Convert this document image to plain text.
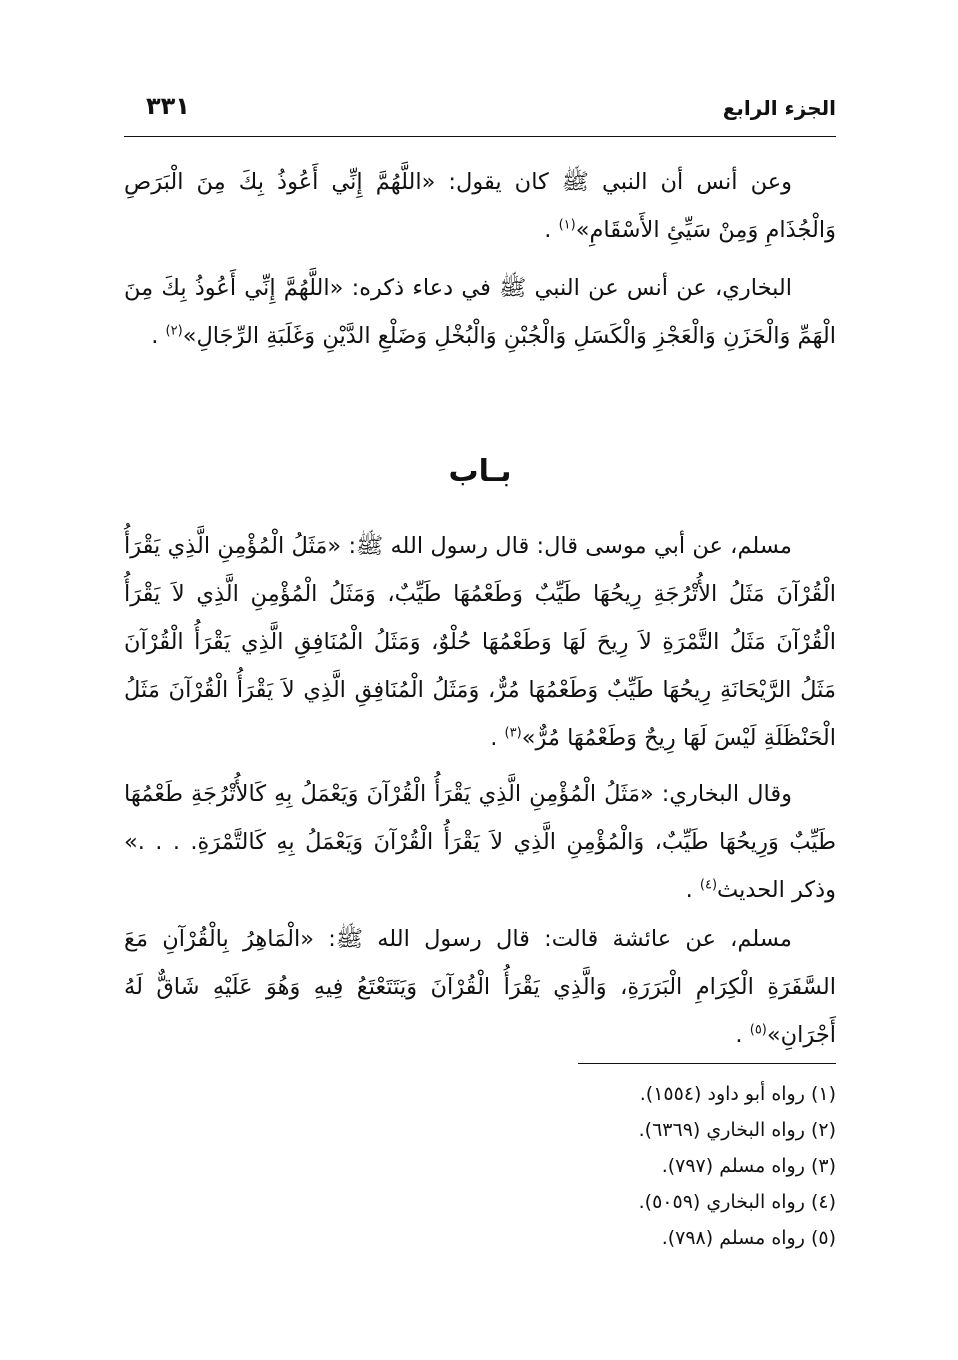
الجزء الرابع
٣٣١

وعن أنس أن النبي ﷺ كان يقول: «اللَّهُمَّ إِنِّي أَعُوذُ بِكَ مِنَ الْبَرَصِ وَالْجُذَامِ وَمِنْ سَيِّئِ الأَسْقَامِ»$^{(١)}$ .

البخاري، عن أنس عن النبي ﷺ في دعاء ذكره: «اللَّهُمَّ إِنِّي أَعُوذُ بِكَ مِنَ الْهَمِّ وَالْحَزَنِ وَالْعَجْزِ وَالْكَسَلِ وَالْجُبْنِ وَالْبُخْلِ وَضَلْعِ الدَّيْنِ وَغَلَبَةِ الرِّجَالِ»$^{(٢)}$ .

بـاب

مسلم، عن أبي موسى قال: قال رسول الله ﷺ: «مَثَلُ الْمُؤْمِنِ الَّذِي يَقْرَأُ الْقُرْآنَ مَثَلُ الأُتْرُجَةِ رِيحُهَا طَيِّبٌ وَطَعْمُهَا طَيِّبٌ، وَمَثَلُ الْمُؤْمِنِ الَّذِي لاَ يَقْرَأُ الْقُرْآنَ مَثَلُ التَّمْرَةِ لاَ رِيحَ لَهَا وَطَعْمُهَا حُلْوٌ، وَمَثَلُ الْمُنَافِقِ الَّذِي يَقْرَأُ الْقُرْآنَ مَثَلُ الرَّيْحَانَةِ رِيحُهَا طَيِّبٌ وَطَعْمُهَا مُرٌّ، وَمَثَلُ الْمُنَافِقِ الَّذِي لاَ يَقْرَأُ الْقُرْآنَ مَثَلُ الْحَنْظَلَةِ لَيْسَ لَهَا رِيحٌ وَطَعْمُهَا مُرٌّ»$^{(٣)}$ .

وقال البخاري: «مَثَلُ الْمُؤْمِنِ الَّذِي يَقْرَأُ الْقُرْآنَ وَيَعْمَلُ بِهِ كَالأُتْرُجَةِ طَعْمُهَا طَيِّبٌ وَرِيحُهَا طَيِّبٌ، وَالْمُؤْمِنِ الَّذِي لاَ يَقْرَأُ الْقُرْآنَ وَيَعْمَلُ بِهِ كَالتَّمْرَةِ. . . .» وذكر الحديث$^{(٤)}$ .

مسلم، عن عائشة قالت: قال رسول الله ﷺ: «الْمَاهِرُ بِالْقُرْآنِ مَعَ السَّفَرَةِ الْكِرَامِ الْبَرَرَةِ، وَالَّذِي يَقْرَأُ الْقُرْآنَ وَيَتَتَعْتَعُ فِيهِ وَهُوَ عَلَيْهِ شَاقٌّ لَهُ أَجْرَانِ»$^{(٥)}$ .

(١) رواه أبو داود (١٥٥٤).
(٢) رواه البخاري (٦٣٦٩).
(٣) رواه مسلم (٧٩٧).
(٤) رواه البخاري (٥٠٥٩).
(٥) رواه مسلم (٧٩٨).
